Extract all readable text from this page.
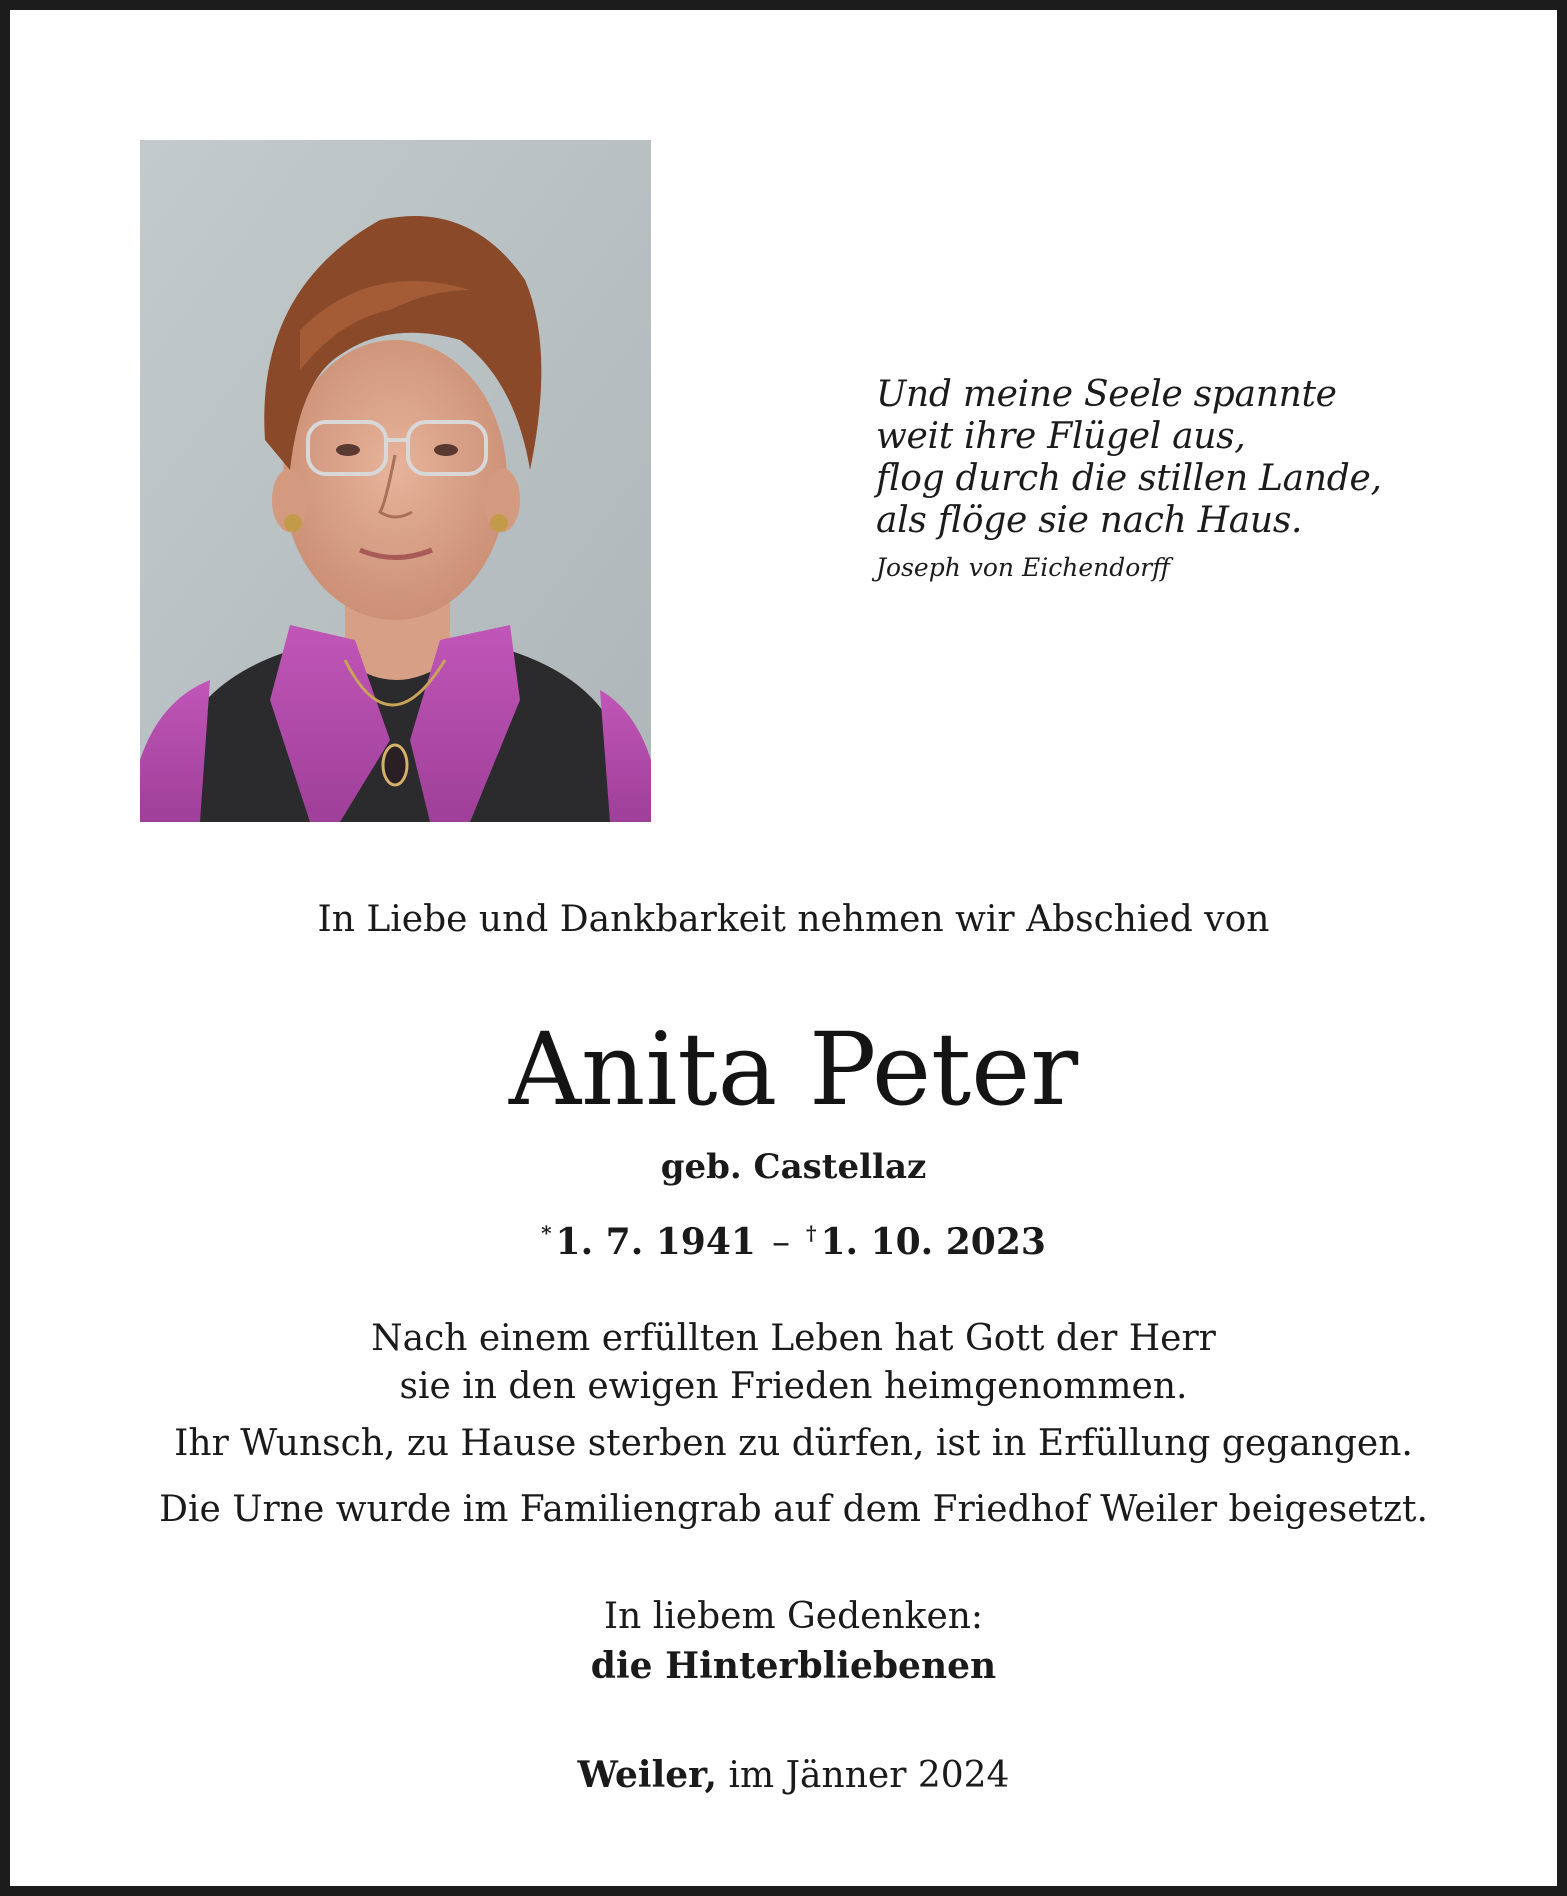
Und meine Seele spannte
weit ihre Flügel aus,
flog durch die stillen Lande,
als flöge sie nach Haus.
Joseph von Eichendorff
In Liebe und Dankbarkeit nehmen wir Abschied von
Anita Peter
geb. Castellaz
* 1. 7. 1941 – † 1. 10. 2023
Nach einem erfüllten Leben hat Gott der Herr
sie in den ewigen Frieden heimgenommen.
Ihr Wunsch, zu Hause sterben zu dürfen, ist in Erfüllung gegangen.
Die Urne wurde im Familiengrab auf dem Friedhof Weiler beigesetzt.
In liebem Gedenken:
die Hinterbliebenen
Weiler, im Jänner 2024
